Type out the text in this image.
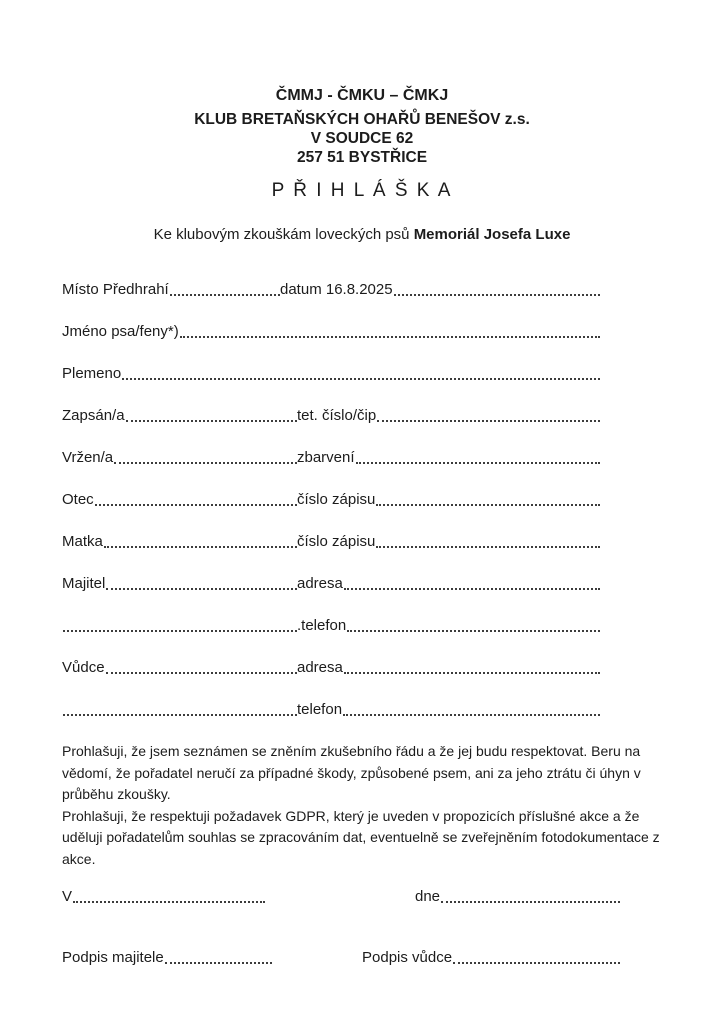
ČMMJ - ČMKU – ČMKJ
KLUB BRETAŇSKÝCH OHAŘŮ BENEŠOV z.s.
V SOUDCE 62
257 51 BYSTŘICE
P Ř I H L Á Š K A
Ke klubovým zkouškám loveckých psů Memoriál Josefa Luxe
Místo Předhrahí	datum 16.8.2025
Jméno psa/feny*)
Plemeno
Zapsán/a	tet. číslo/čip
Vržen/a	zbarvení
Otec	číslo zápisu
Matka	číslo zápisu
Majitel	adresa
.telefon
Vůdce	adresa
telefon

Prohlašuji, že jsem seznámen se zněním zkušebního řádu a že jej budu respektovat. Beru na vědomí, že pořadatel neručí za případné škody, způsobené psem, ani za jeho ztrátu či úhyn v průběhu zkoušky.

Prohlašuji, že respektuji požadavek GDPR, který je uveden v propozicích příslušné akce a že uděluji pořadatelům souhlas se zpracováním dat, eventuelně se zveřejněním fotodokumentace z akce.

V	dne
Podpis majitele	Podpis vůdce
